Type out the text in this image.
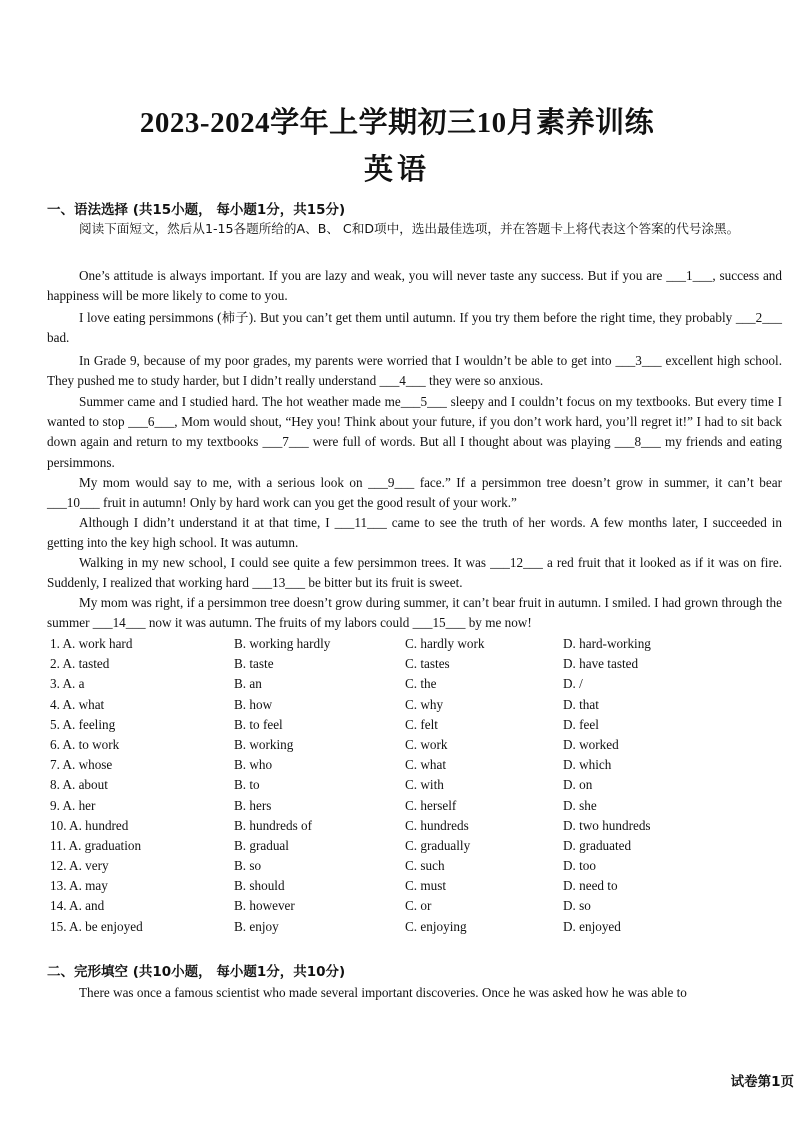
2023-2024学年上学期初三10月素养训练
英语
一、语法选择 (共15小题， 每小题1分，共15分)
阅读下面短文，然后从1-15各题所给的A、B、 C和D项中，选出最佳选项，并在答题卡上将代表这个答案的代号涂黑。
One’s attitude is always important. If you are lazy and weak, you will never taste any success. But if you are ___1___, success and happiness will be more likely to come to you.
I love eating persimmons (柿子). But you can’t get them until autumn. If you try them before the right time, they probably ___2___ bad.
In Grade 9, because of my poor grades, my parents were worried that I wouldn’t be able to get into ___3___ excellent high school. They pushed me to study harder, but I didn’t really understand ___4___ they were so anxious.
Summer came and I studied hard. The hot weather made me___5___ sleepy and I couldn’t focus on my textbooks. But every time I wanted to stop ___6___, Mom would shout, “Hey you! Think about your future, if you don’t work hard, you’ll regret it!” I had to sit back down again and return to my textbooks ___7___ were full of words. But all I thought about was playing ___8___ my friends and eating persimmons.
My mom would say to me, with a serious look on ___9___ face.” If a persimmon tree doesn’t grow in summer, it can’t bear ___10___ fruit in autumn! Only by hard work can you get the good result of your work.”
Although I didn’t understand it at that time, I ___11___ came to see the truth of her words. A few months later, I succeeded in getting into the key high school. It was autumn.
Walking in my new school, I could see quite a few persimmon trees. It was ___12___ a red fruit that it looked as if it was on fire. Suddenly, I realized that working hard ___13___ be bitter but its fruit is sweet.
My mom was right, if a persimmon tree doesn’t grow during summer, it can’t bear fruit in autumn. I smiled. I had grown through the summer ___14___ now it was autumn. The fruits of my labors could ___15___ by me now!
1. A. work hard	B. working hardly	C. hardly work	D. hard-working
2. A. tasted	B. taste	C. tastes	D. have tasted
3. A. a	B. an	C. the	D. /
4. A. what	B. how	C. why	D. that
5. A. feeling	B. to feel	C. felt	D. feel
6. A. to work	B. working	C. work	D. worked
7. A. whose	B. who	C. what	D. which
8. A. about	B. to	C. with	D. on
9. A. her	B. hers	C. herself	D. she
10. A. hundred	B. hundreds of	C. hundreds	D. two hundreds
11. A. graduation	B. gradual	C. gradually	D. graduated
12. A. very	B. so	C. such	D. too
13. A. may	B. should	C. must	D. need to
14. A. and	B. however	C. or	D. so
15. A. be enjoyed	B. enjoy	C. enjoying	D. enjoyed
二、完形填空 (共10小题， 每小题1分，共10分)
There was once a famous scientist who made several important discoveries. Once he was asked how he was able to
试卷第1页
